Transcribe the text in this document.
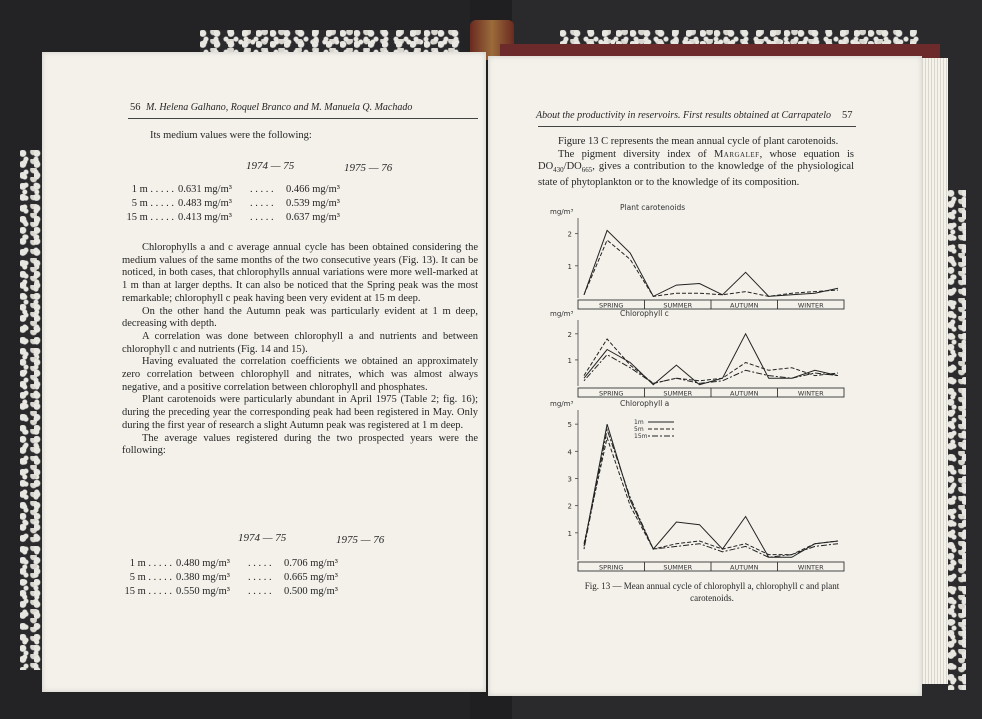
56 M. Helena Galhano, Roquel Branco and M. Manuela Q. Machado
Its medium values were the following:
1974 — 75	1975 — 76

Chlorophylls a and c average annual cycle has been obtained considering the medium values of the same months of the two consecutive years (Fig. 13). It can be noticed, in both cases, that chlorophylls annual variations were more well-marked at 1 m than at larger depths. It can also be noticed that the Spring peak was the most remarkable; chlorophyll c peak having been very evident at 15 m deep.

On the other hand the Autumn peak was particularly evident at 1 m deep, decreasing with depth.

A correlation was done between chlorophyll a and nutrients and between chlorophyll c and nutrients (Fig. 14 and 15).

Having evaluated the correlation coefficients we obtained an approximately zero correlation between chlorophyll and nitrates, which was almost always negative, and a positive correlation between chlorophyll and phosphates.

Plant carotenoids were particularly abundant in April 1975 (Table 2; fig. 16); during the preceding year the corresponding peak had been registered in May. Only during the first year of research a slight Autumn peak was registered at 1 m deep.

The average values registered during the two prospected years were the following:

1974 — 75	1975 — 76
1 m . . . . . 0.631 mg/m³ . . . . . 0.466 mg/m³
5 m . . . . . 0.483 mg/m³ . . . . . 0.539 mg/m³
15 m . . . . . 0.413 mg/m³ . . . . . 0.637 mg/m³
1 m . . . . . 0.480 mg/m³ . . . . . 0.706 mg/m³
5 m . . . . . 0.380 mg/m³ . . . . . 0.665 mg/m³
15 m . . . . . 0.550 mg/m³ . . . . . 0.500 mg/m³
About the productivity in reservoirs. First results obtained at Carrapatelo 57

Figure 13 C represents the mean annual cycle of plant carotenoids.

The pigment diversity index of Margalef, whose equation is $DO_{430}/DO_{665}$, gives a contribution to the knowledge of the physiological state of phytoplankton or to the knowledge of its composition.

mg/m³	Plant carotenoids
2
1
SPRING	SUMMER	AUTUMN	WINTER
mg/m³	Chlorophyll c
2
1
SPRING	SUMMER	AUTUMN	WINTER
mg/m³	Chlorophyll a
5
4
3
2
1
SPRING	SUMMER	AUTUMN	WINTER
1m
5m
15m
Fig. 13 — Mean annual cycle of chlorophyll a, chlorophyll c and plant carotenoids.
